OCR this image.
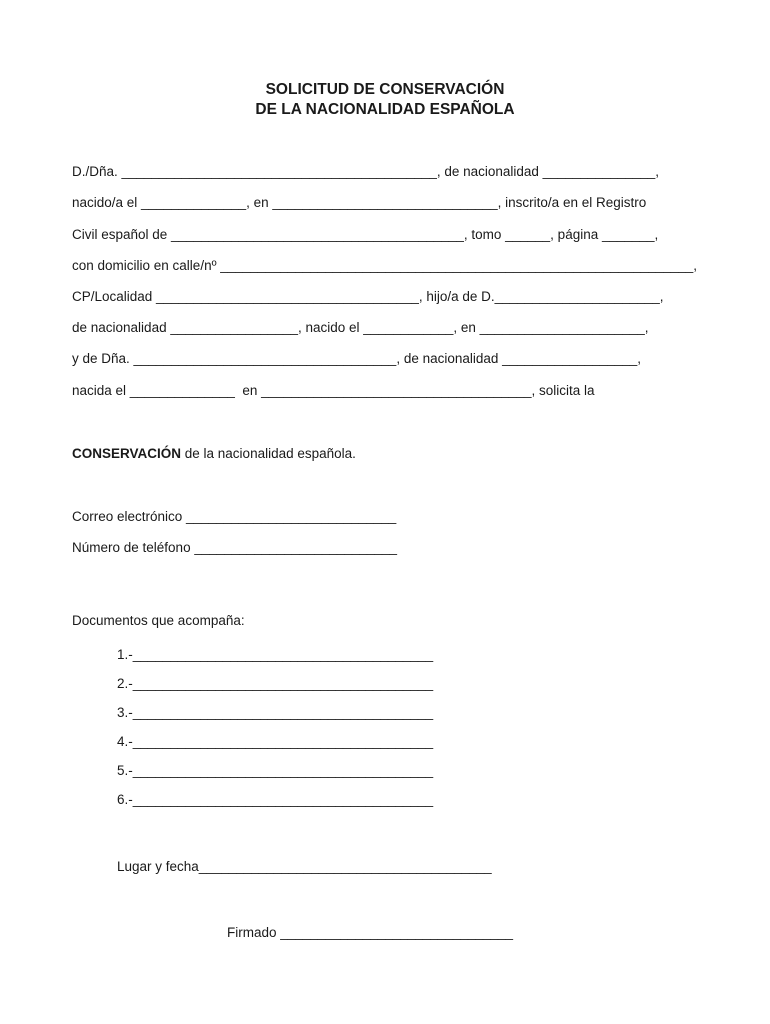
SOLICITUD DE CONSERVACIÓN
DE LA NACIONALIDAD ESPAÑOLA
D./Dña. __________________________________________, de nacionalidad _______________,
nacido/a el ______________, en ______________________________, inscrito/a en el Registro
Civil español de _______________________________________, tomo ______, página _______,
con domicilio en calle/nº _______________________________________________________________,
CP/Localidad ___________________________________, hijo/a de D.______________________,
de nacionalidad _________________, nacido el ____________, en ______________________,
y de Dña. ___________________________________, de nacionalidad __________________,
nacida el ______________  en ____________________________________, solicita la
CONSERVACIÓN de la nacionalidad española.
Correo electrónico ____________________________
Número de teléfono ___________________________
Documentos que acompaña:
1.-________________________________________
2.-________________________________________
3.-________________________________________
4.-________________________________________
5.-________________________________________
6.-________________________________________
Lugar y fecha_______________________________________
Firmado _______________________________
